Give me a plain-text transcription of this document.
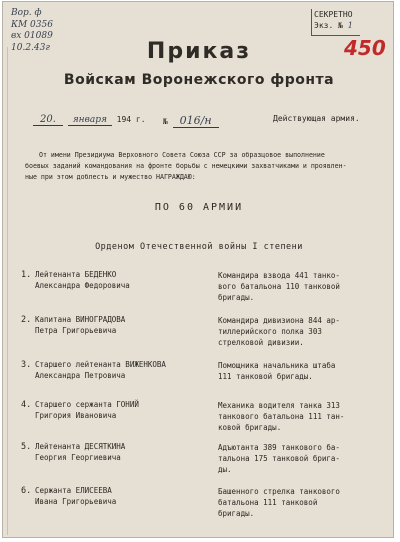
Вор. ф
КМ 0356
вх 01089
10.2.43г
СЕКРЕТНО
Экз. № 1
450
Приказ
Войскам Воронежского фронта
20. января 194 г. № 016/н	Действующая армия.
От имени Президиума Верховного Совета Союза ССР за образцовое выполнение
боевых заданий командования на фронте борьбы с немецкими захватчиками и проявлен-
ные при этом доблесть и мужество НАГРАЖДАЮ:
ПО 60 АРМИИ
Орденом Отечественной войны I степени
1. Лейтенанта БЕДЕНКО
Александра Федоровича
Командира взвода 441 танко-
вого батальона 110 танковой
бригады.
2. Капитана ВИНОГРАДОВА
Петра Григорьевича
Командира дивизиона 844 ар-
тиллерийского полка 303
стрелковой дивизии.
3. Старшего лейтенанта ВИЖЕНКОВА
Александра Петровича
Помощника начальника штаба
111 танковой бригады.
4. Старшего сержанта ГОНИЙ
Григория Ивановича
Механика водителя танка 313
танкового батальона 111 тан-
ковой бригады.
5. Лейтенанта ДЕСЯТКИНА
Георгия Георгиевича
Адъютанта 389 танкового ба-
тальона 175 танковой брига-
ды.
6. Сержанта ЕЛИСЕЕВА
Ивана Григорьевича
Башенного стрелка танкового
батальона 111 танковой
бригады.
